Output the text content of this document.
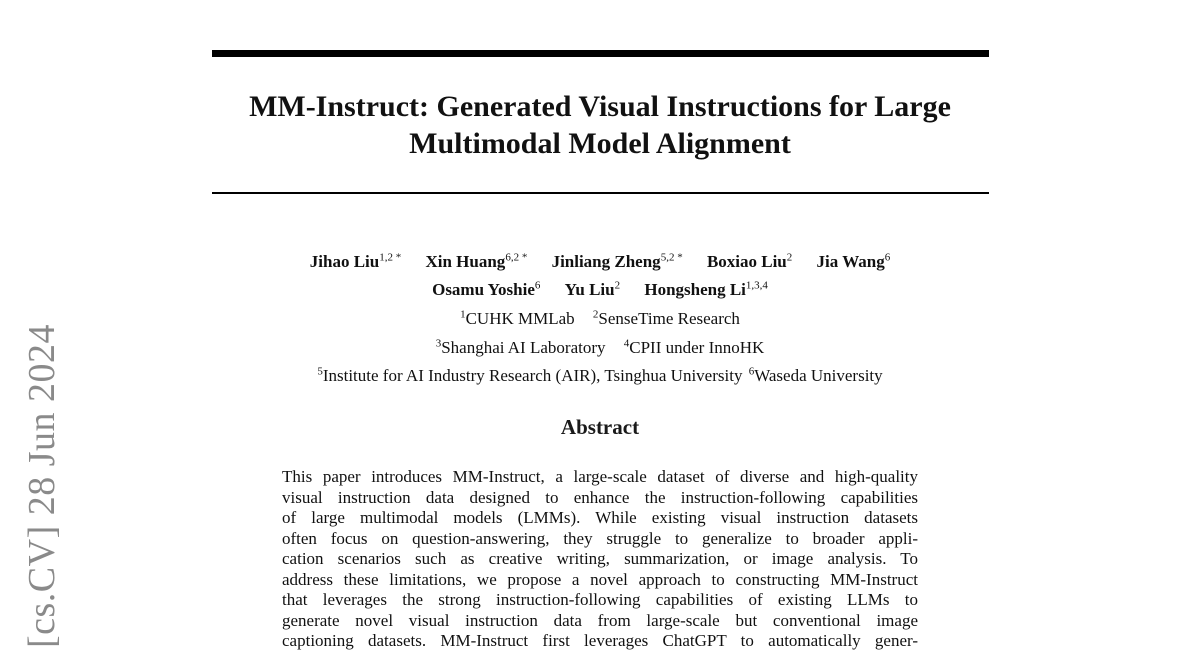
[cs.CV] 28 Jun 2024
MM-Instruct: Generated Visual Instructions for Large
Multimodal Model Alignment
Jihao Liu$^{1,2 *}$ Xin Huang$^{6,2 *}$ Jinliang Zheng$^{5,2 *}$ Boxiao Liu$^2$ Jia Wang$^6$
Osamu Yoshie$^6$ Yu Liu$^2$ Hongsheng Li$^{1,3,4}$
$^1$CUHK MMLab $^2$SenseTime Research
$^3$Shanghai AI Laboratory $^4$CPII under InnoHK
$^5$Institute for AI Industry Research (AIR), Tsinghua University $^6$Waseda University
Abstract
This paper introduces MM-Instruct, a large-scale dataset of diverse and high-quality
visual instruction data designed to enhance the instruction-following capabilities
of large multimodal models (LMMs). While existing visual instruction datasets
often focus on question-answering, they struggle to generalize to broader appli-
cation scenarios such as creative writing, summarization, or image analysis. To
address these limitations, we propose a novel approach to constructing MM-Instruct
that leverages the strong instruction-following capabilities of existing LLMs to
generate novel visual instruction data from large-scale but conventional image
captioning datasets. MM-Instruct first leverages ChatGPT to automatically gener-
